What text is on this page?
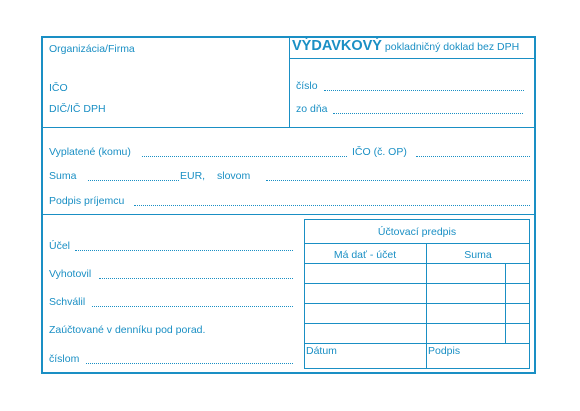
Organizácia/Firma
IČO
DIČ/IČ DPH
VÝDAVKOVÝ pokladničný doklad bez DPH
číslo
zo dňa
Vyplatené (komu)	IČO (č. OP)
Suma	EUR, slovom
Podpis príjemcu
Účel
Vyhotovil
Schválil
Zaúčtované v denníku pod porad.
číslom
Účtovací predpis
Má dať - účet	Suma
Dátum	Podpis
